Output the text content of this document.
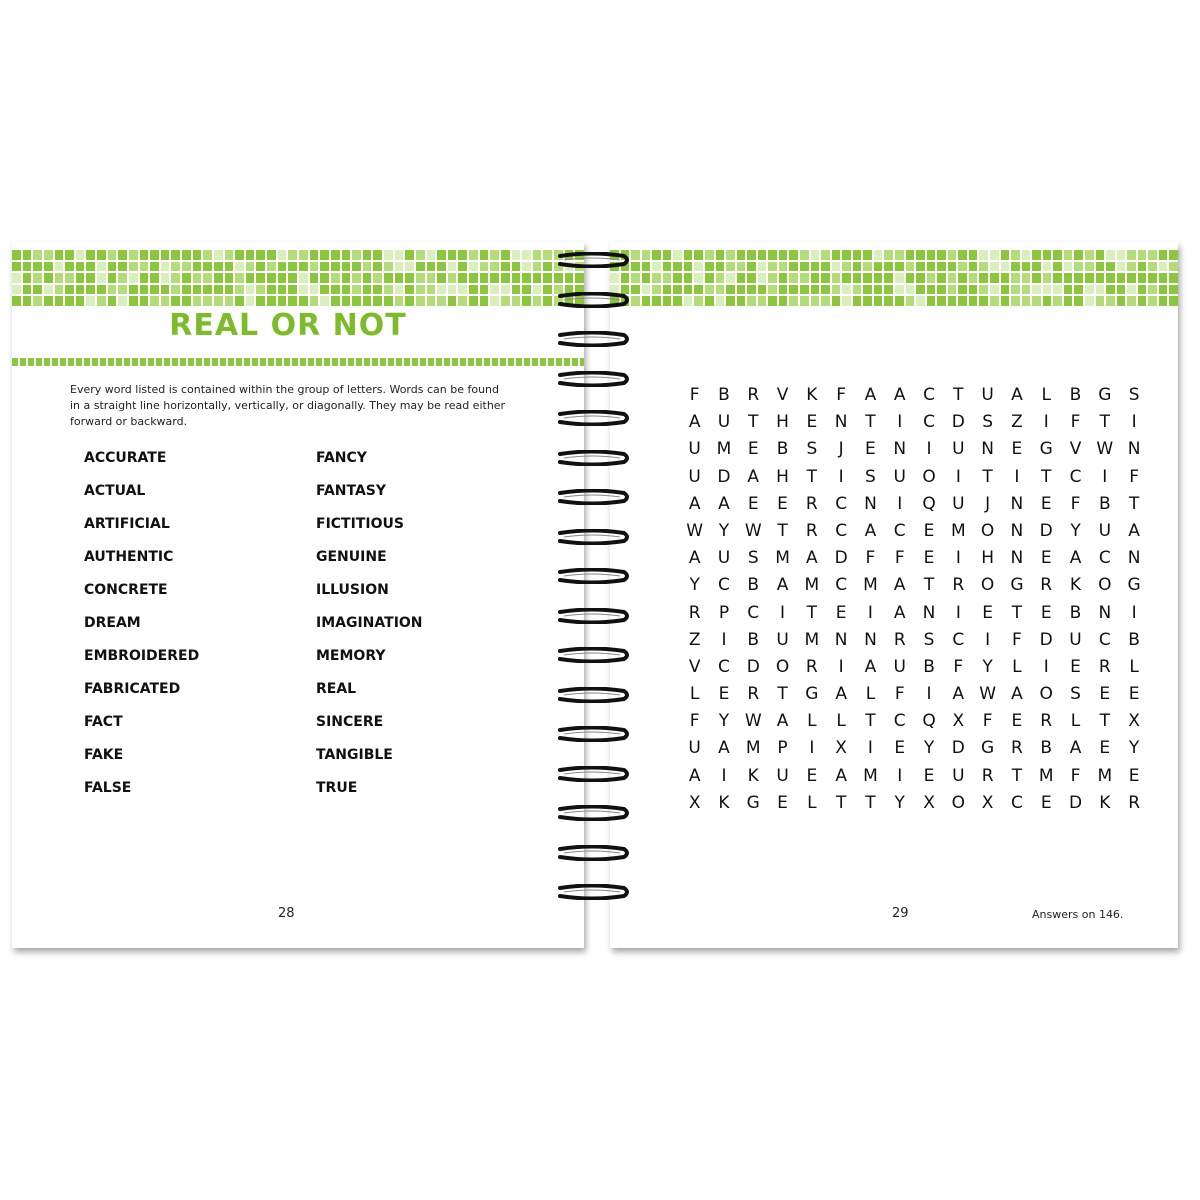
REAL OR NOT
Every word listed is contained within the group of letters. Words can be found in a straight line horizontally, vertically, or diagonally. They may be read either forward or backward.
ACCURATE
ACTUAL
ARTIFICIAL
AUTHENTIC
CONCRETE
DREAM
EMBROIDERED
FABRICATED
FACT
FAKE
FALSE
FANCY
FANTASY
FICTITIOUS
GENUINE
ILLUSION
IMAGINATION
MEMORY
REAL
SINCERE
TANGIBLE
TRUE
28
F	B	R	V	K	F	A	A	C	T	U	A	L	B G	S
A	U	T	H	E	N	T	I	C D	S	Z	I	F	T	I
U M E	B	S	J	E	N	I	U N	E	G V W N
U D A	H	T	I	S	U O	I	T	I	T	C	I	F
A	A	E	E	R	C	N	I	Q U	J	N	E	F	B	T
W Y W T	R	C	A	C	E M O N D	Y	U	A
A	U	S M A D	F	F	E	I	H N	E	A	C	N
Y	C	B	A M C M A	T	R O G R	K	O G
R	P	C	I	T	E	I	A	N	I	E	T	E	B	N	I
Z	I	B	U M N N	R	S	C	I	F	D U	C	B
V	C D O R	I	A	U	B	F	Y	L	I	E	R	L
L	E	R	T	G A	L	F	I	A W A O	S	E	E
F	Y W A	L	L	T	C Q X	F	E	R	L	T	X
U	A M P	I	X	I	E	Y	D G R	B	A	E	Y
A	I	K	U	E	A M	I	E	U	R	T M	F	M E
X	K	G	E	L	T	T	Y	X O X	C	E	D	K	R
29	Answers on 146.
